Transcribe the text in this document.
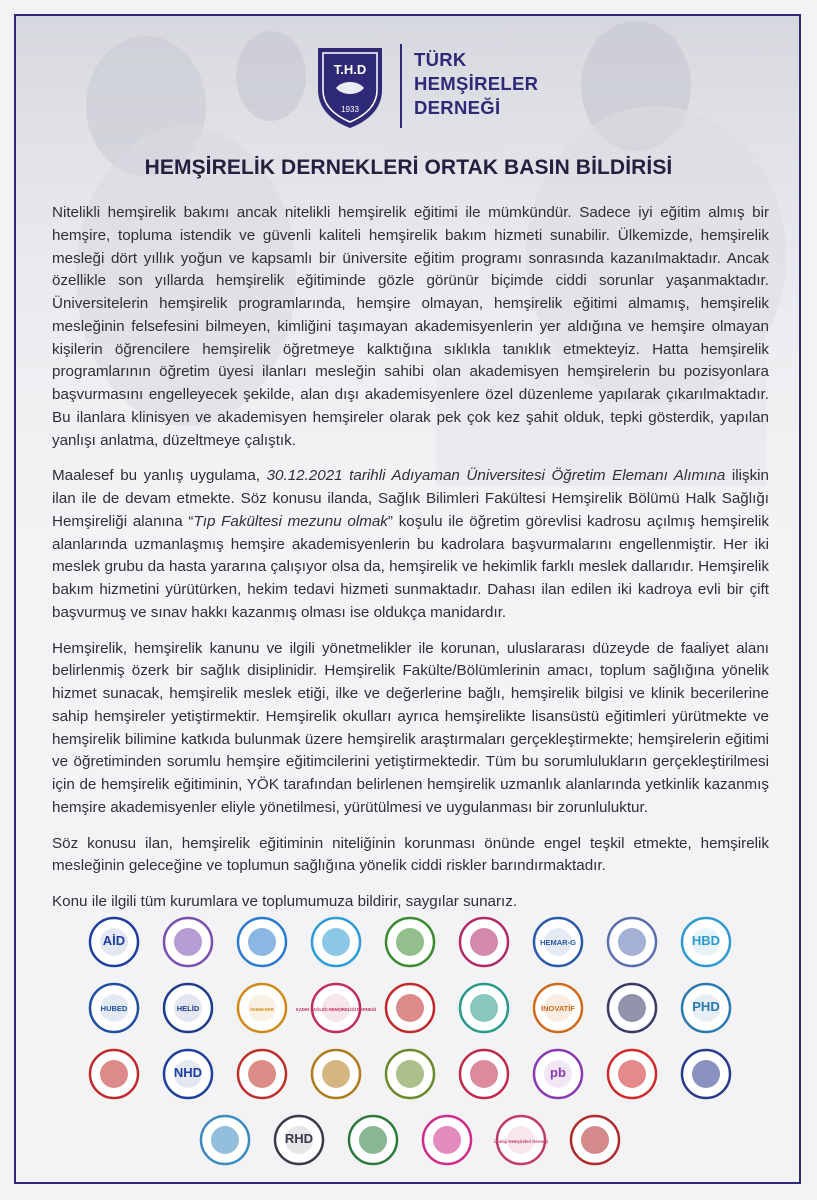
T.H.D
1933
TÜRK
HEMŞİRELER
DERNEĞİ
HEMŞİRELİK DERNEKLERİ ORTAK BASIN BİLDİRİSİ

Nitelikli hemşirelik bakımı ancak nitelikli hemşirelik eğitimi ile mümkündür. Sadece iyi eğitim almış bir hemşire, topluma istendik ve güvenli kaliteli hemşirelik bakım hizmeti sunabilir. Ülkemizde, hemşirelik mesleği dört yıllık yoğun ve kapsamlı bir üniversite eğitim programı sonrasında kazanılmaktadır. Ancak özellikle son yıllarda hemşirelik eğitiminde gözle görünür biçimde ciddi sorunlar yaşanmaktadır. Üniversitelerin hemşirelik programlarında, hemşire olmayan, hemşirelik eğitimi almamış, hemşirelik mesleğinin felsefesini bilmeyen, kimliğini taşımayan akademisyenlerin yer aldığına ve hemşire olmayan kişilerin öğrencilere hemşirelik öğretmeye kalktığına sıklıkla tanıklık etmekteyiz. Hatta hemşirelik programlarının öğretim üyesi ilanları mesleğin sahibi olan akademisyen hemşirelerin bu pozisyonlara başvurmasını engelleyecek şekilde, alan dışı akademisyenlere özel düzenleme yapılarak çıkarılmaktadır. Bu ilanlara klinisyen ve akademisyen hemşireler olarak pek çok kez şahit olduk, tepki gösterdik, yapılan yanlışı anlatma, düzeltmeye çalıştık.

Maalesef bu yanlış uygulama, 30.12.2021 tarihli Adıyaman Üniversitesi Öğretim Elemanı Alımına ilişkin ilan ile de devam etmekte. Söz konusu ilanda, Sağlık Bilimleri Fakültesi Hemşirelik Bölümü Halk Sağlığı Hemşireliği alanına “Tıp Fakültesi mezunu olmak” koşulu ile öğretim görevlisi kadrosu açılmış hemşirelik alanlarında uzmanlaşmış hemşire akademisyenlerin bu kadrolara başvurmalarını engellenmiştir. Her iki meslek grubu da hasta yararına çalışıyor olsa da, hemşirelik ve hekimlik farklı meslek dallarıdır. Hemşirelik bakım hizmetini yürütürken, hekim tedavi hizmeti sunmaktadır. Dahası ilan edilen iki kadroya evli bir çift başvurmuş ve sınav hakkı kazanmış olması ise oldukça manidardır.

Hemşirelik, hemşirelik kanunu ve ilgili yönetmelikler ile korunan, uluslararası düzeyde de faaliyet alanı belirlenmiş özerk bir sağlık disiplinidir. Hemşirelik Fakülte/Bölümlerinin amacı, toplum sağlığına yönelik hizmet sunacak, hemşirelik meslek etiği, ilke ve değerlerine bağlı, hemşirelik bilgisi ve klinik becerilerine sahip hemşireler yetiştirmektir. Hemşirelik okulları ayrıca hemşirelikte lisansüstü eğitimleri yürütmekte ve hemşirelik bilimine katkıda bulunmak üzere hemşirelik araştırmaları gerçekleştirmekte; hemşirelerin eğitimi ve öğretiminden sorumlu hemşire eğitimcilerini yetiştirmektedir. Tüm bu sorumlulukların gerçekleştirilmesi için de hemşirelik eğitiminin, YÖK tarafından belirlenen hemşirelik uzmanlık alanlarında yetkinlik kazanmış hemşire akademisyenler eliyle yönetilmesi, yürütülmesi ve uygulanması bir zorunluluktur.

Söz konusu ilan, hemşirelik eğitiminin niteliğinin korunması önünde engel teşkil etmekte, hemşirelik mesleğinin geleceğine ve toplumun sağlığına yönelik ciddi riskler barındırmaktadır.

Konu ile ilgili tüm kurumlara ve toplumumuza bildirir, saygılar sunarız.

AİD	HEMAR-G	HBD
HUBED	HELİD	İSHEM-DER	KADIN SAĞLIĞI HEMŞİRELİĞİ DERNEĞİ	İNOVATİF	PHD
NHD	pb
RHD	Üroloji Hemşireleri Derneği
